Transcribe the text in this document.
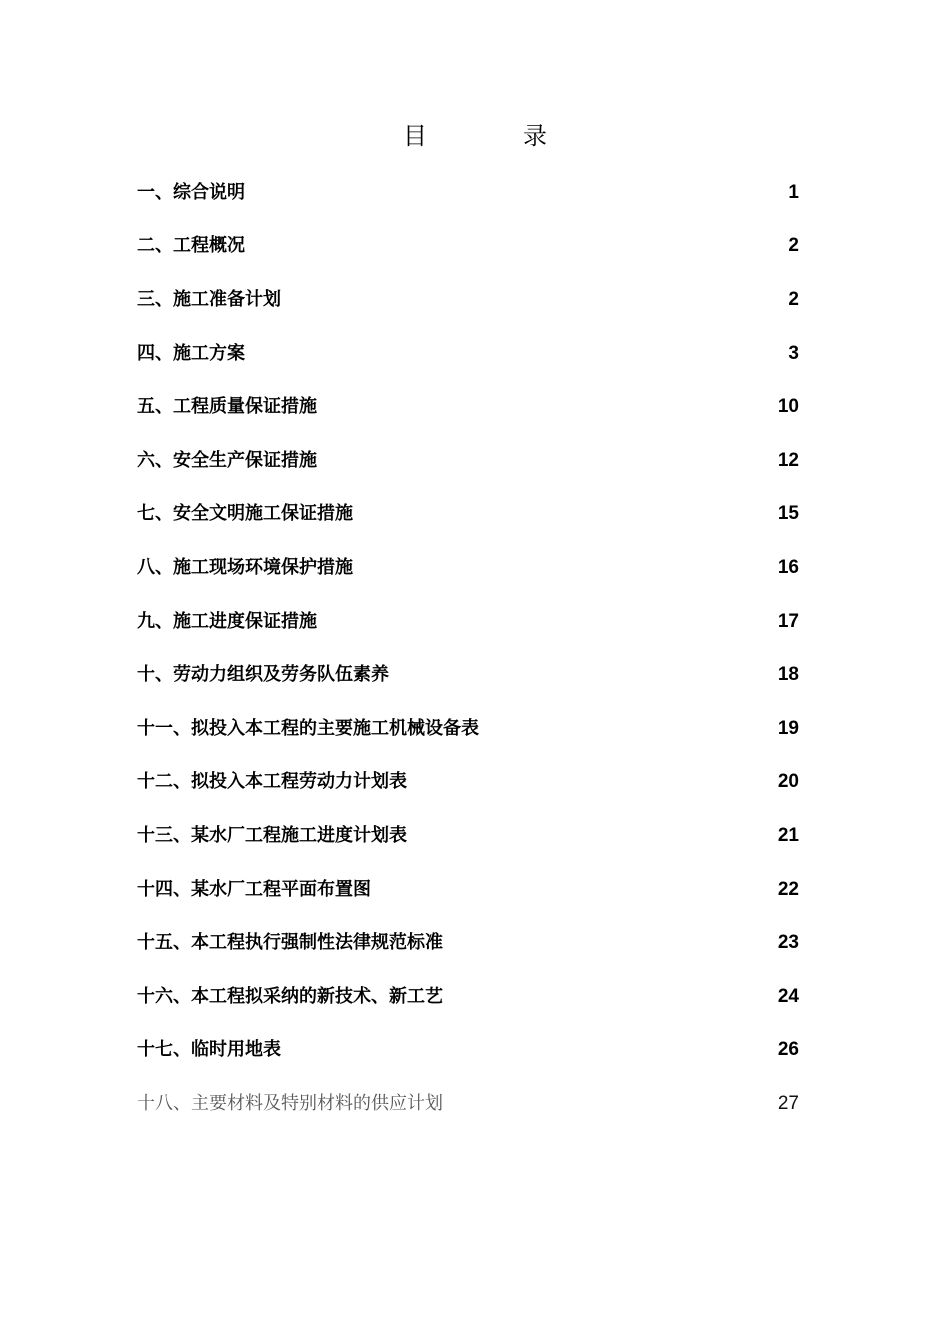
目	录
一、综合说明	1
二、工程概况	2
三、施工准备计划	2
四、施工方案	3
五、工程质量保证措施	10
六、安全生产保证措施	12
七、安全文明施工保证措施	15
八、施工现场环境保护措施	16
九、施工进度保证措施	17
十、劳动力组织及劳务队伍素养	18
十一、拟投入本工程的主要施工机械设备表	19
十二、拟投入本工程劳动力计划表	20
十三、某水厂工程施工进度计划表	21
十四、某水厂工程平面布置图	22
十五、本工程执行强制性法律规范标准	23
十六、本工程拟采纳的新技术、新工艺	24
十七、临时用地表	26
十八、主要材料及特别材料的供应计划	27
